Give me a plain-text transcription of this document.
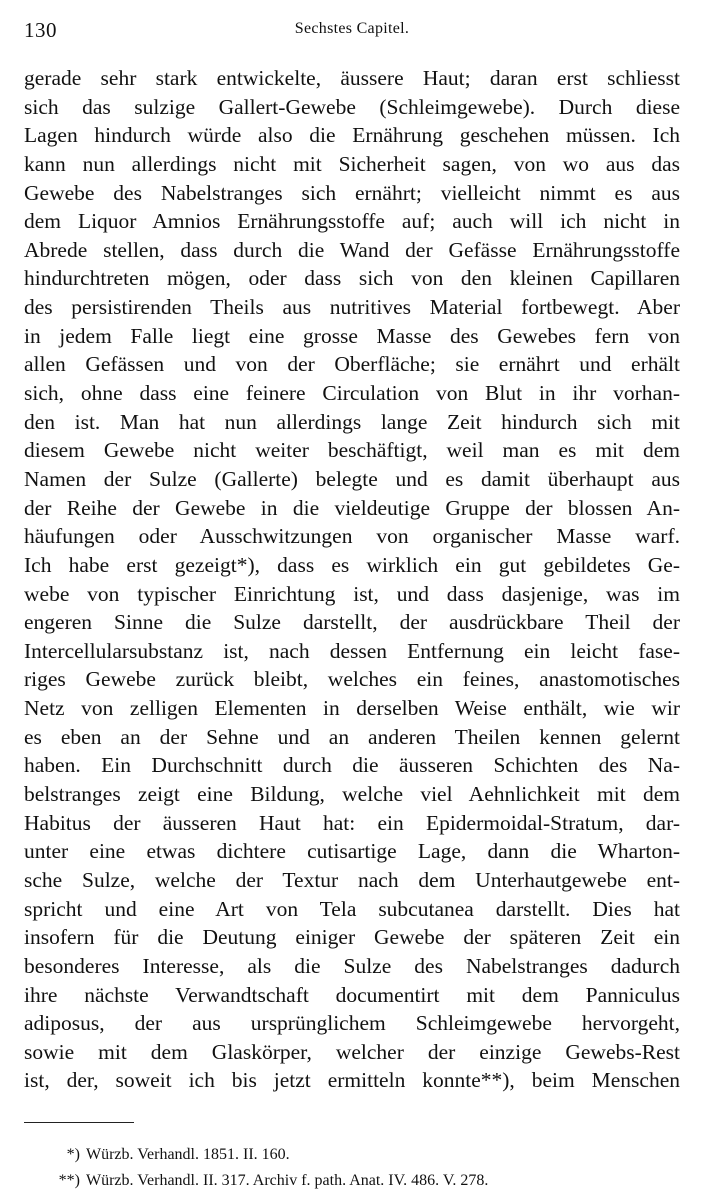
130	Sechstes Capitel.
gerade sehr stark entwickelte, äussere Haut; daran erst schliesst
sich das sulzige Gallert-Gewebe (Schleimgewebe). Durch diese
Lagen hindurch würde also die Ernährung geschehen müssen. Ich
kann nun allerdings nicht mit Sicherheit sagen, von wo aus das
Gewebe des Nabelstranges sich ernährt; vielleicht nimmt es aus
dem Liquor Amnios Ernährungsstoffe auf; auch will ich nicht in
Abrede stellen, dass durch die Wand der Gefässe Ernährungsstoffe
hindurchtreten mögen, oder dass sich von den kleinen Capillaren
des persistirenden Theils aus nutritives Material fortbewegt. Aber
in jedem Falle liegt eine grosse Masse des Gewebes fern von
allen Gefässen und von der Oberfläche; sie ernährt und erhält
sich, ohne dass eine feinere Circulation von Blut in ihr vorhan-
den ist. Man hat nun allerdings lange Zeit hindurch sich mit
diesem Gewebe nicht weiter beschäftigt, weil man es mit dem
Namen der Sulze (Gallerte) belegte und es damit überhaupt aus
der Reihe der Gewebe in die vieldeutige Gruppe der blossen An-
häufungen oder Ausschwitzungen von organischer Masse warf.
Ich habe erst gezeigt*), dass es wirklich ein gut gebildetes Ge-
webe von typischer Einrichtung ist, und dass dasjenige, was im
engeren Sinne die Sulze darstellt, der ausdrückbare Theil der
Intercellularsubstanz ist, nach dessen Entfernung ein leicht fase-
riges Gewebe zurück bleibt, welches ein feines, anastomotisches
Netz von zelligen Elementen in derselben Weise enthält, wie wir
es eben an der Sehne und an anderen Theilen kennen gelernt
haben. Ein Durchschnitt durch die äusseren Schichten des Na-
belstranges zeigt eine Bildung, welche viel Aehnlichkeit mit dem
Habitus der äusseren Haut hat: ein Epidermoidal-Stratum, dar-
unter eine etwas dichtere cutisartige Lage, dann die Wharton-
sche Sulze, welche der Textur nach dem Unterhautgewebe ent-
spricht und eine Art von Tela subcutanea darstellt. Dies hat
insofern für die Deutung einiger Gewebe der späteren Zeit ein
besonderes Interesse, als die Sulze des Nabelstranges dadurch
ihre nächste Verwandtschaft documentirt mit dem Panniculus
adiposus, der aus ursprünglichem Schleimgewebe hervorgeht,
sowie mit dem Glaskörper, welcher der einzige Gewebs-Rest
ist, der, soweit ich bis jetzt ermitteln konnte**), beim Menschen
*) Würzb. Verhandl. 1851. II. 160.
**) Würzb. Verhandl. II. 317. Archiv f. path. Anat. IV. 486. V. 278.
